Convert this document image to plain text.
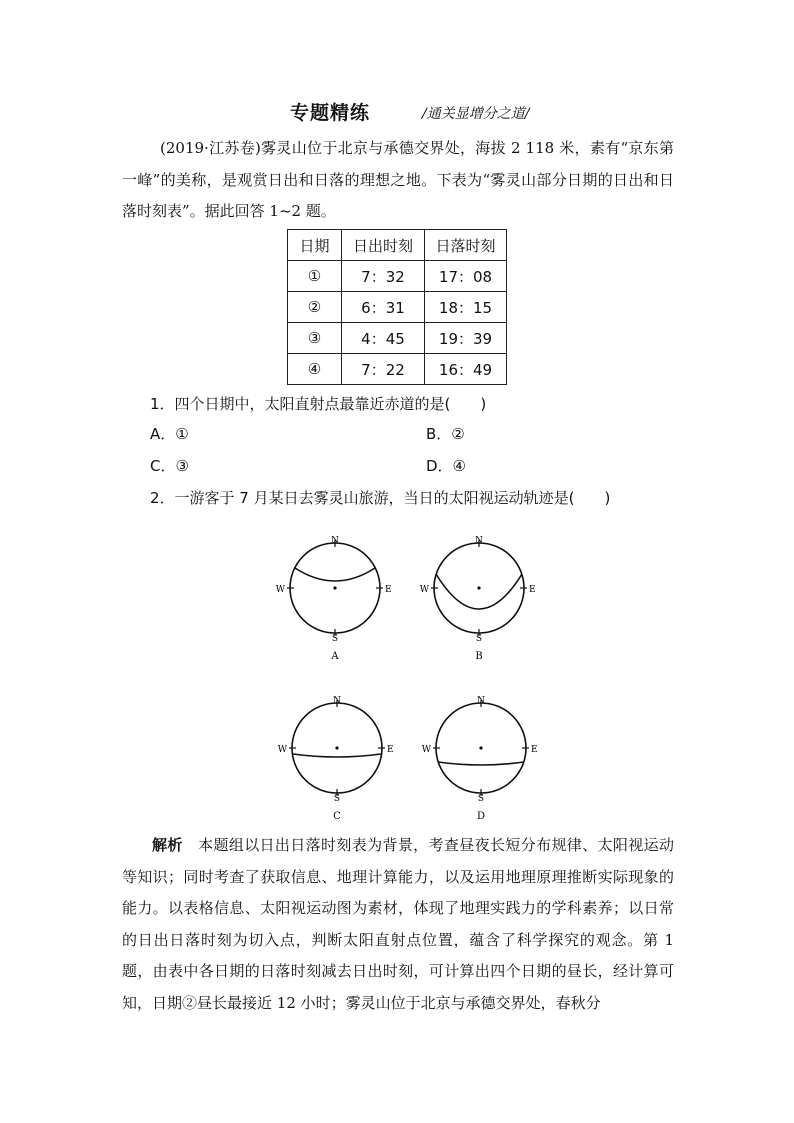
专题精练	/通关显增分之道/
(2019·江苏卷)雾灵山位于北京与承德交界处，海拔 2 118 米，素有“京东第一峰”的美称，是观赏日出和日落的理想之地。下表为“雾灵山部分日期的日出和日落时刻表”。据此回答 1~2 题。
日期	日出时刻	日落时刻
①	7：32	17：08
②	6：31	18：15
③	4：45	19：39
④	7：22	16：49
1．四个日期中，太阳直射点最靠近赤道的是(　　)
A．①	B．②
C．③	D．④
2．一游客于 7 月某日去雾灵山旅游，当日的太阳视运动轨迹是(　　)
N
S
W	E
A
N
S
W	E
B
N
S
W	E
C
N
S
W	E
D
解析　 本题组以日出日落时刻表为背景，考查昼夜长短分布规律、太阳视运动等知识；同时考查了获取信息、地理计算能力，以及运用地理原理推断实际现象的能力。以表格信息、太阳视运动图为素材，体现了地理实践力的学科素养；以日常的日出日落时刻为切入点，判断太阳直射点位置，蕴含了科学探究的观念。第 1 题，由表中各日期的日落时刻减去日出时刻，可计算出四个日期的昼长，经计算可知，日期②昼长最接近 12 小时；雾灵山位于北京与承德交界处，春秋分
